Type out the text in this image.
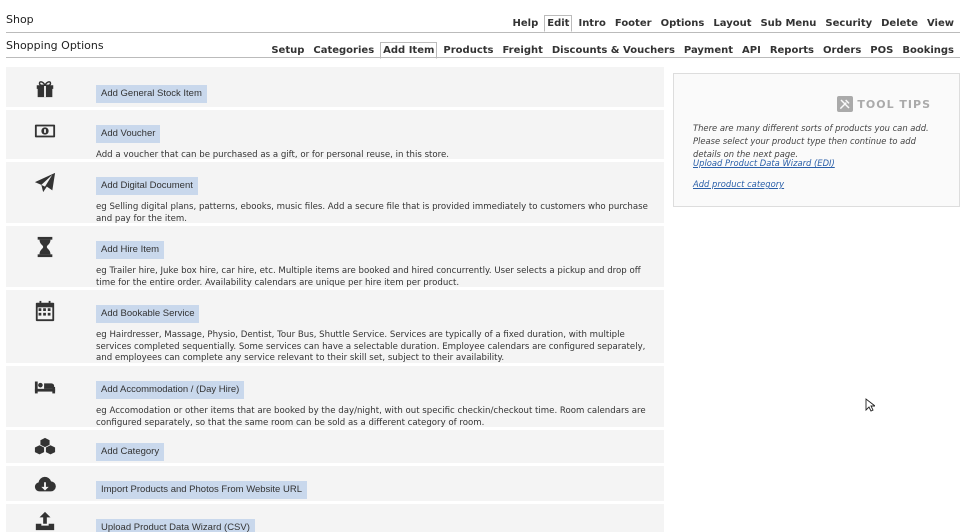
Shop	Help Edit Intro Footer Options Layout Sub Menu Security Delete View
Shopping Options	Setup Categories Add Item Products Freight Discounts & Vouchers Payment API Reports Orders POS Bookings
Add General Stock Item
Add Voucher
Add a voucher that can be purchased as a gift, or for personal reuse, in this store.
Add Digital Document
eg Selling digital plans, patterns, ebooks, music files. Add a secure file that is provided immediately to customers who purchase and pay for the item.
Add Hire Item
eg Trailer hire, Juke box hire, car hire, etc. Multiple items are booked and hired concurrently. User selects a pickup and drop off time for the entire order. Availability calendars are unique per hire item per product.
Add Bookable Service
eg Hairdresser, Massage, Physio, Dentist, Tour Bus, Shuttle Service. Services are typically of a fixed duration, with multiple services completed sequentially. Some services can have a selectable duration. Employee calendars are configured separately, and employees can complete any service relevant to their skill set, subject to their availability.
Add Accommodation / (Day Hire)
eg Accomodation or other items that are booked by the day/night, with out specific checkin/checkout time. Room calendars are configured separately, so that the same room can be sold as a different category of room.
Add Category
Import Products and Photos From Website URL
Upload Product Data Wizard (CSV)
TOOL TIPS
There are many different sorts of products you can add. Please select your product type then continue to add details on the next page.
Upload Product Data Wizard (EDI)
Add product category
